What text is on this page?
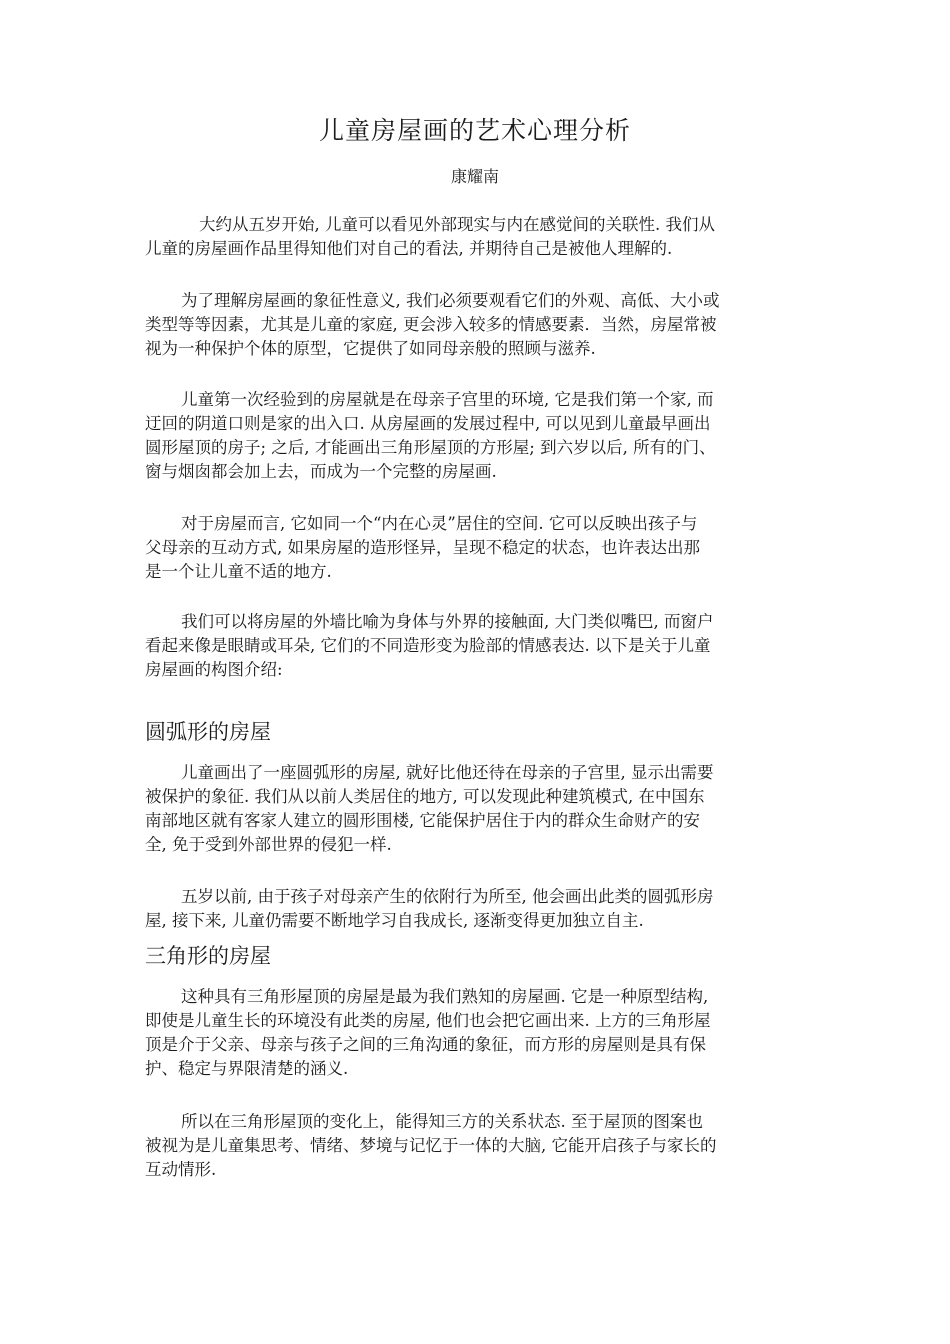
儿童房屋画的艺术心理分析
康耀南
大约从五岁开始, 儿童可以看见外部现实与内在感觉间的关联性. 我们从
儿童的房屋画作品里得知他们对自己的看法, 并期待自己是被他人理解的.
为了理解房屋画的象征性意义, 我们必须要观看它们的外观、高低、大小或
类型等等因素，尤其是儿童的家庭, 更会涉入较多的情感要素．当然，房屋常被
视为一种保护个体的原型，它提供了如同母亲般的照顾与滋养.
儿童第一次经验到的房屋就是在母亲子宫里的环境, 它是我们第一个家, 而
迂回的阴道口则是家的出入口. 从房屋画的发展过程中, 可以见到儿童最早画出
圆形屋顶的房子; 之后, 才能画出三角形屋顶的方形屋; 到六岁以后, 所有的门、
窗与烟囱都会加上去，而成为一个完整的房屋画.
对于房屋而言, 它如同一个“内在心灵”居住的空间. 它可以反映出孩子与
父母亲的互动方式, 如果房屋的造形怪异，呈现不稳定的状态，也许表达出那
是一个让儿童不适的地方.
我们可以将房屋的外墙比喻为身体与外界的接触面, 大门类似嘴巴, 而窗户
看起来像是眼睛或耳朵, 它们的不同造形变为脸部的情感表达. 以下是关于儿童
房屋画的构图介绍:
圆弧形的房屋
儿童画出了一座圆弧形的房屋, 就好比他还待在母亲的子宫里, 显示出需要
被保护的象征. 我们从以前人类居住的地方, 可以发现此种建筑模式, 在中国东
南部地区就有客家人建立的圆形围楼, 它能保护居住于内的群众生命财产的安
全, 免于受到外部世界的侵犯一样.
五岁以前, 由于孩子对母亲产生的依附行为所至, 他会画出此类的圆弧形房
屋, 接下来, 儿童仍需要不断地学习自我成长, 逐渐变得更加独立自主.
三角形的房屋
这种具有三角形屋顶的房屋是最为我们熟知的房屋画. 它是一种原型结构,
即使是儿童生长的环境没有此类的房屋, 他们也会把它画出来. 上方的三角形屋
顶是介于父亲、母亲与孩子之间的三角沟通的象征，而方形的房屋则是具有保
护、稳定与界限清楚的涵义.
所以在三角形屋顶的变化上，能得知三方的关系状态. 至于屋顶的图案也
被视为是儿童集思考、情绪、梦境与记忆于一体的大脑, 它能开启孩子与家长的
互动情形.
